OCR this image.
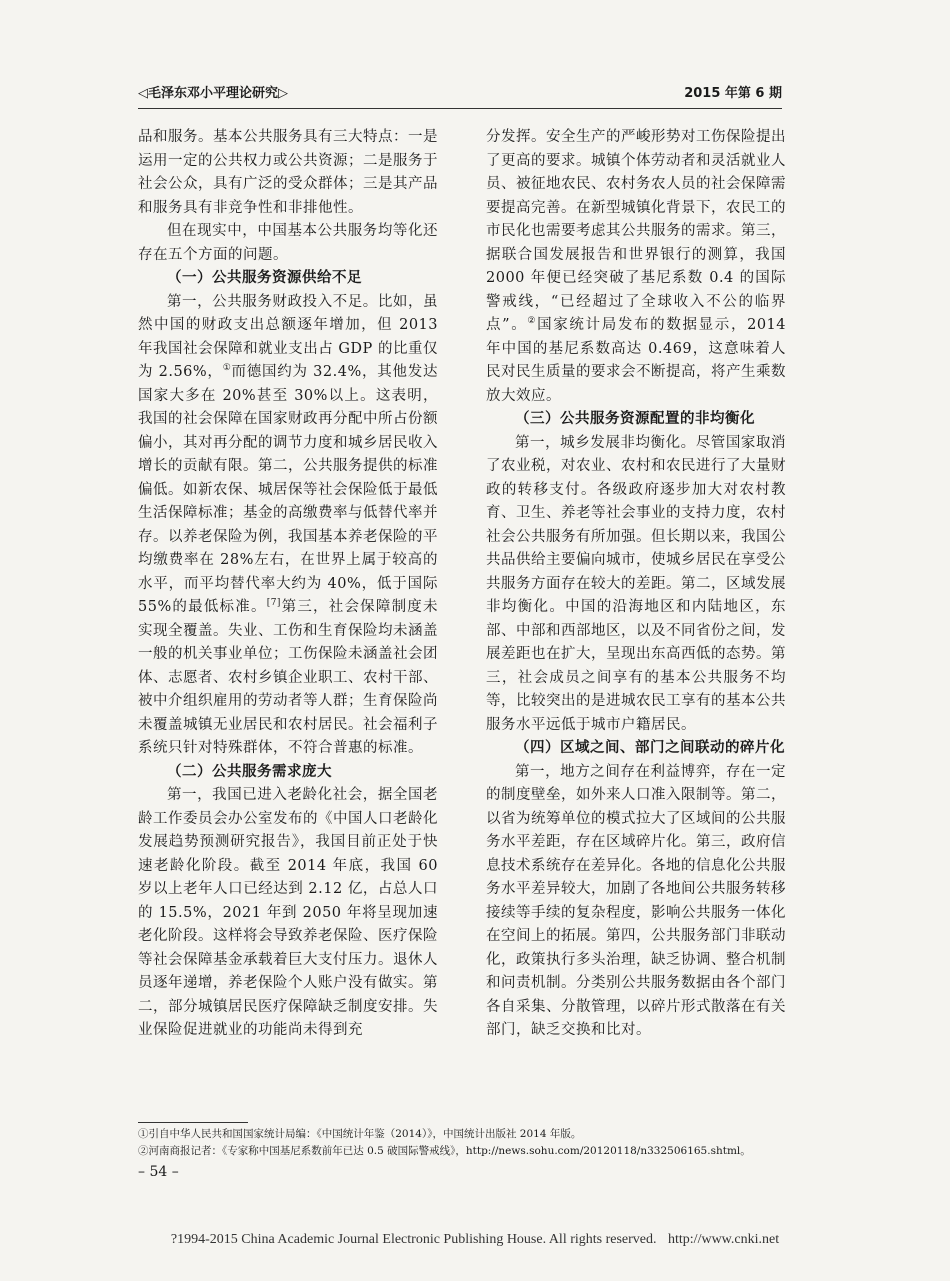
◁毛泽东邓小平理论研究▷	2015 年第 6 期

品和服务。基本公共服务具有三大特点：一是运用一定的公共权力或公共资源；二是服务于社会公众，具有广泛的受众群体；三是其产品和服务具有非竞争性和非排他性。

但在现实中，中国基本公共服务均等化还存在五个方面的问题。

（一）公共服务资源供给不足

第一，公共服务财政投入不足。比如，虽然中国的财政支出总额逐年增加，但 2013 年我国社会保障和就业支出占 GDP 的比重仅为 2.56%，①而德国约为 32.4%，其他发达国家大多在 20%甚至 30%以上。这表明，我国的社会保障在国家财政再分配中所占份额偏小，其对再分配的调节力度和城乡居民收入增长的贡献有限。第二，公共服务提供的标准偏低。如新农保、城居保等社会保险低于最低生活保障标准；基金的高缴费率与低替代率并存。以养老保险为例，我国基本养老保险的平均缴费率在 28%左右，在世界上属于较高的水平，而平均替代率大约为 40%，低于国际 55%的最低标准。[7]第三，社会保障制度未实现全覆盖。失业、工伤和生育保险均未涵盖一般的机关事业单位；工伤保险未涵盖社会团体、志愿者、农村乡镇企业职工、农村干部、被中介组织雇用的劳动者等人群；生育保险尚未覆盖城镇无业居民和农村居民。社会福利子系统只针对特殊群体，不符合普惠的标准。

（二）公共服务需求庞大

第一，我国已进入老龄化社会，据全国老龄工作委员会办公室发布的《中国人口老龄化发展趋势预测研究报告》，我国目前正处于快速老龄化阶段。截至 2014 年底，我国 60 岁以上老年人口已经达到 2.12 亿，占总人口的 15.5%，2021 年到 2050 年将呈现加速老化阶段。这样将会导致养老保险、医疗保险等社会保障基金承载着巨大支付压力。退休人员逐年递增，养老保险个人账户没有做实。第二，部分城镇居民医疗保障缺乏制度安排。失业保险促进就业的功能尚未得到充

分发挥。安全生产的严峻形势对工伤保险提出了更高的要求。城镇个体劳动者和灵活就业人员、被征地农民、农村务农人员的社会保障需要提高完善。在新型城镇化背景下，农民工的市民化也需要考虑其公共服务的需求。第三，据联合国发展报告和世界银行的测算，我国 2000 年便已经突破了基尼系数 0.4 的国际警戒线，“已经超过了全球收入不公的临界点”。②国家统计局发布的数据显示，2014 年中国的基尼系数高达 0.469，这意味着人民对民生质量的要求会不断提高，将产生乘数放大效应。

（三）公共服务资源配置的非均衡化

第一，城乡发展非均衡化。尽管国家取消了农业税，对农业、农村和农民进行了大量财政的转移支付。各级政府逐步加大对农村教育、卫生、养老等社会事业的支持力度，农村社会公共服务有所加强。但长期以来，我国公共品供给主要偏向城市，使城乡居民在享受公共服务方面存在较大的差距。第二，区域发展非均衡化。中国的沿海地区和内陆地区，东部、中部和西部地区，以及不同省份之间，发展差距也在扩大，呈现出东高西低的态势。第三，社会成员之间享有的基本公共服务不均等，比较突出的是进城农民工享有的基本公共服务水平远低于城市户籍居民。

（四）区域之间、部门之间联动的碎片化

第一，地方之间存在利益博弈，存在一定的制度壁垒，如外来人口准入限制等。第二，以省为统筹单位的模式拉大了区域间的公共服务水平差距，存在区域碎片化。第三，政府信息技术系统存在差异化。各地的信息化公共服务水平差异较大，加剧了各地间公共服务转移接续等手续的复杂程度，影响公共服务一体化在空间上的拓展。第四，公共服务部门非联动化，政策执行多头治理，缺乏协调、整合机制和问责机制。分类别公共服务数据由各个部门各自采集、分散管理，以碎片形式散落在有关部门，缺乏交换和比对。

①引自中华人民共和国国家统计局编：《中国统计年鉴（2014）》，中国统计出版社 2014 年版。
②河南商报记者：《专家称中国基尼系数前年已达 0.5 破国际警戒线》，http://news.sohu.com/20120118/n332506165.shtml。
– 54 –
?1994-2015 China Academic Journal Electronic Publishing House. All rights reserved. http://www.cnki.net
